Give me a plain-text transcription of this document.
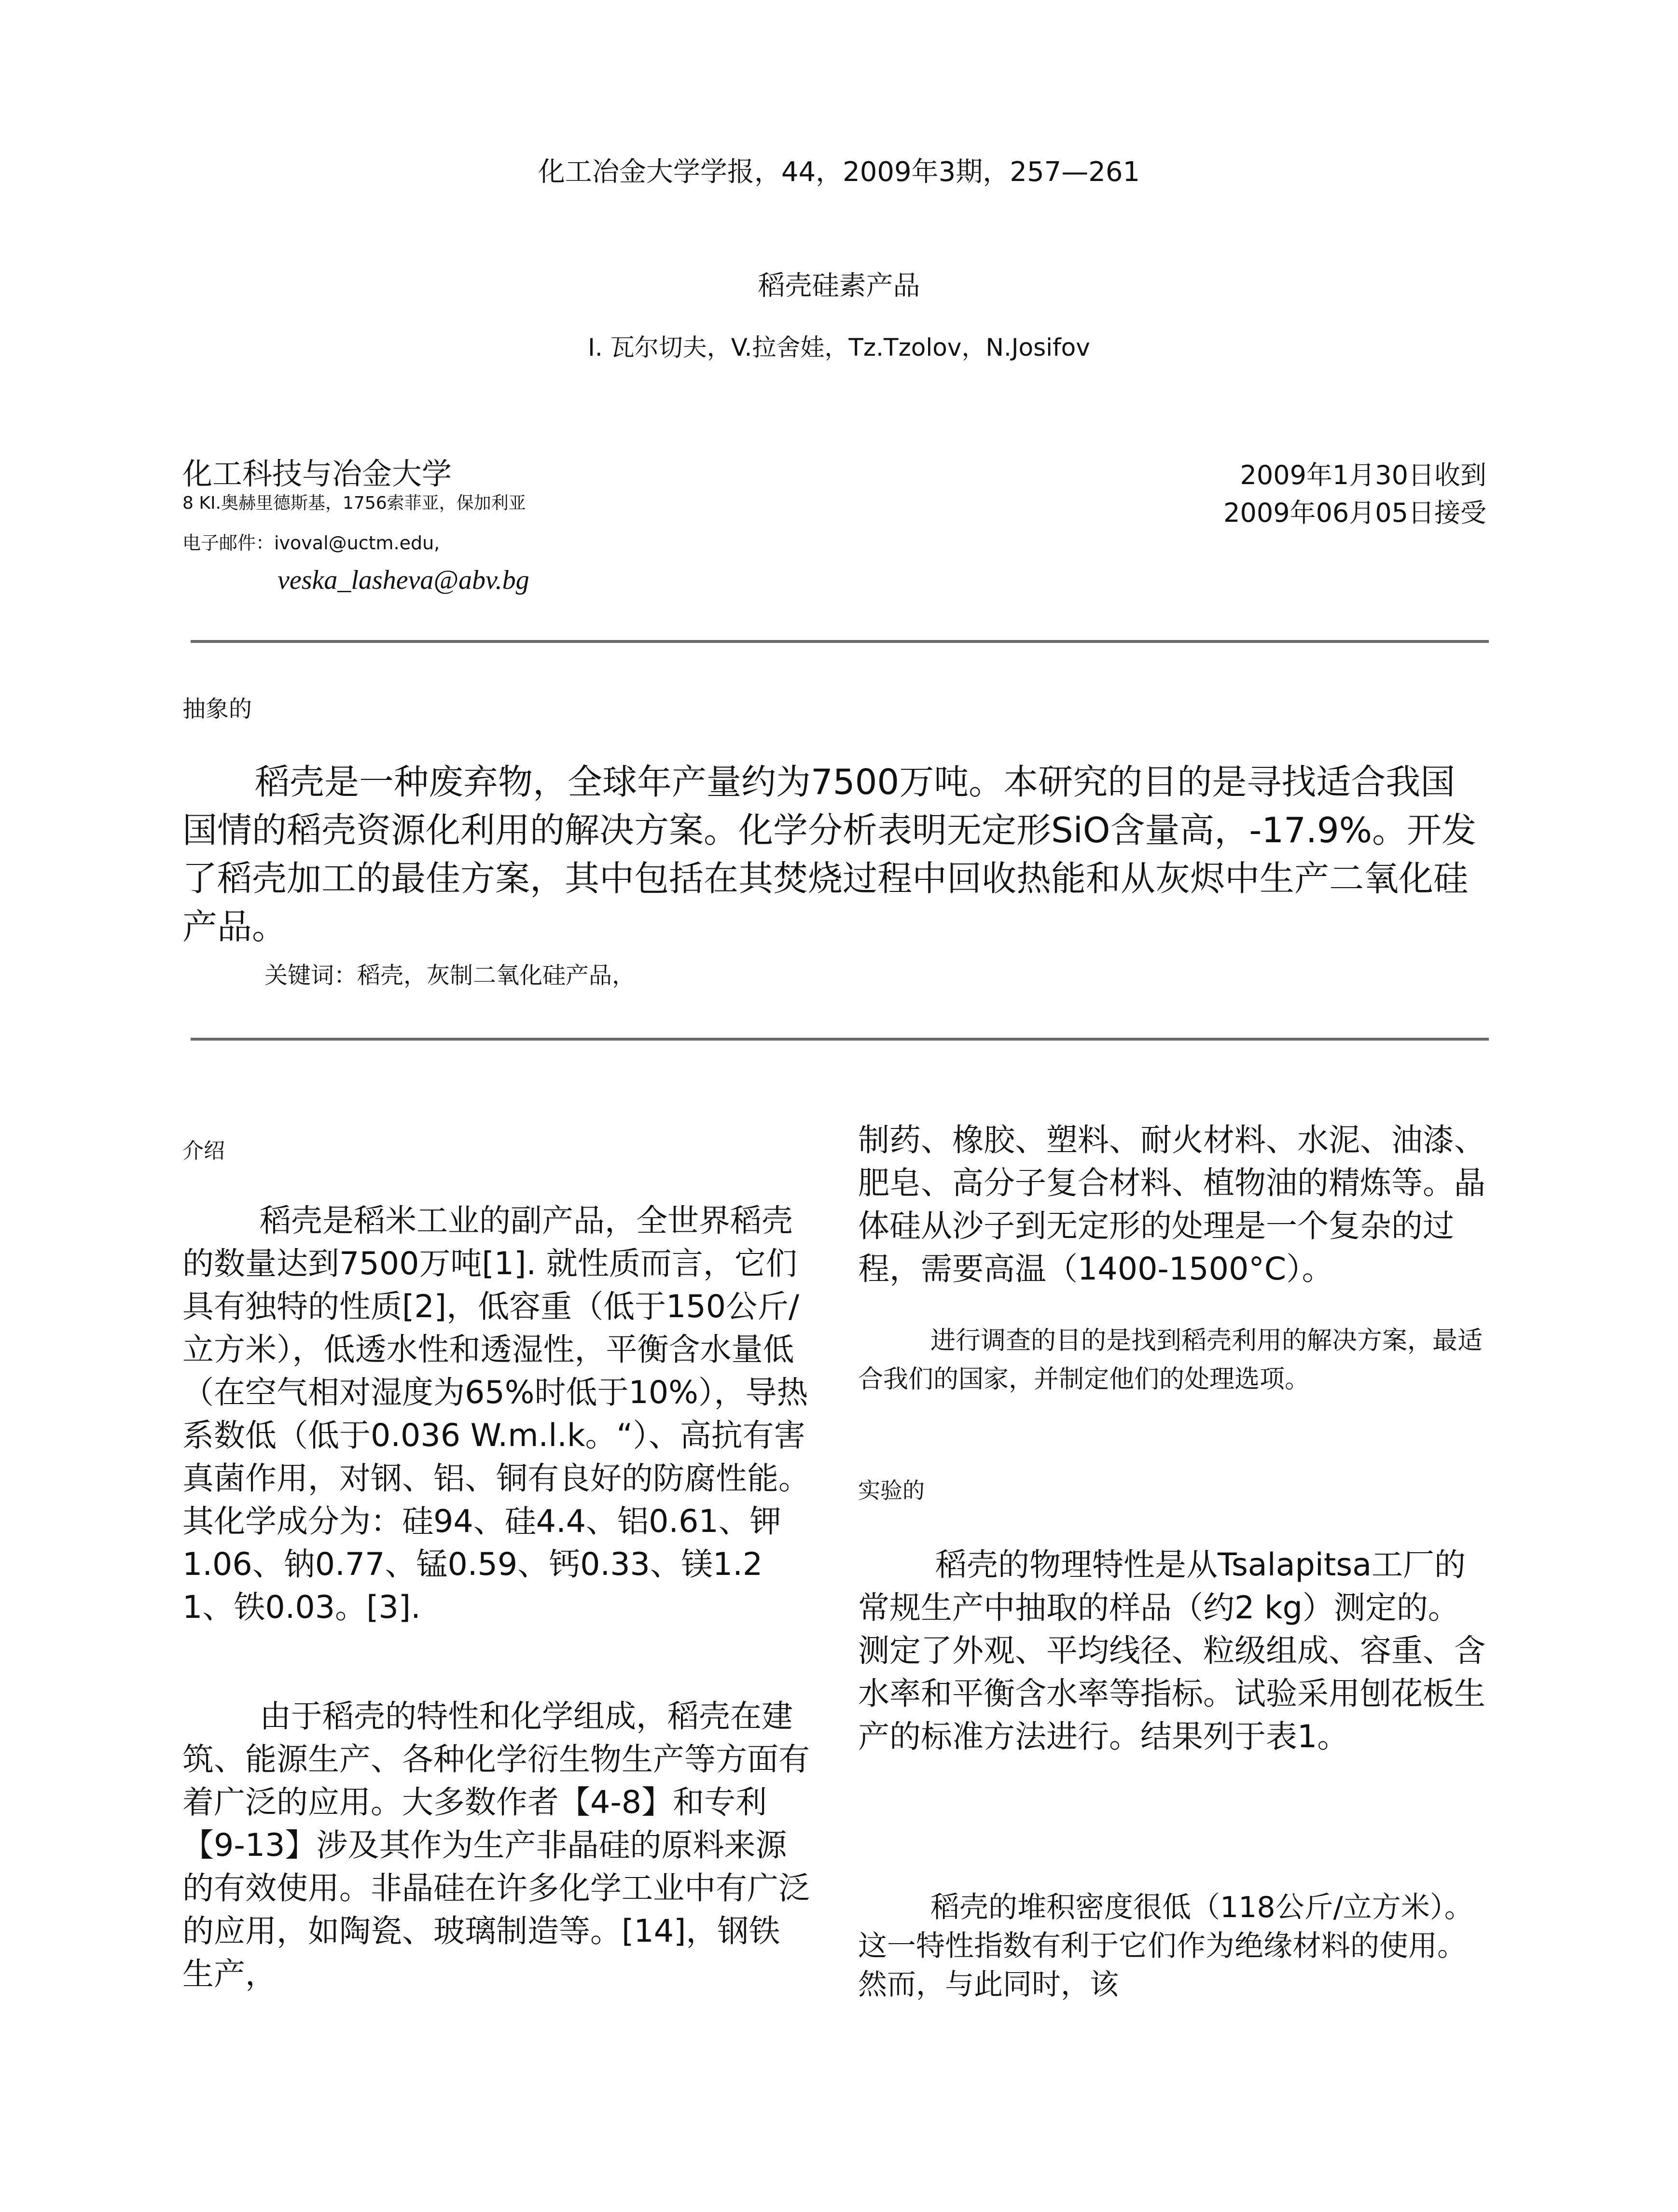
化工冶金大学学报，44，2009年3期，257—261
稻壳硅素产品
I. 瓦尔切夫，V.拉舍娃，Tz.Tzolov，N.Josifov
化工科技与冶金大学
8 KI.奥赫里德斯基，1756索菲亚，保加利亚
电子邮件：ivoval@uctm.edu,
veska_lasheva@abv.bg
2009年1月30日收到
2009年06月05日接受
抽象的
稻壳是一种废弃物，全球年产量约为7500万吨。本研究的目的是寻找适合我国国情的稻壳资源化利用的解决方案。化学分析表明无定形SiO含量高，-17.9%。开发了稻壳加工的最佳方案，其中包括在其焚烧过程中回收热能和从灰烬中生产二氧化硅产品。
关键词：稻壳，灰制二氧化硅产品，
介绍
稻壳是稻米工业的副产品，全世界稻壳的数量达到7500万吨[1]. 就性质而言，它们具有独特的性质[2]，低容重（低于150公斤/立方米），低透水性和透湿性，平衡含水量低（在空气相对湿度为65%时低于10%），导热系数低（低于0.036 W.m.l.k。“）、高抗有害真菌作用，对钢、铝、铜有良好的防腐性能。 其化学成分为：硅94、硅4.4、铝0.61、钾1.06、钠0.77、锰0.59、钙0.33、镁1.21、铁0.03。[3].
由于稻壳的特性和化学组成，稻壳在建筑、能源生产、各种化学衍生物生产等方面有着广泛的应用。大多数作者【4-8】和专利【9-13】涉及其作为生产非晶硅的原料来源的有效使用。非晶硅在许多化学工业中有广泛的应用，如陶瓷、玻璃制造等。[14]，钢铁生产，
制药、橡胶、塑料、耐火材料、水泥、油漆、肥皂、高分子复合材料、植物油的精炼等。晶体硅从沙子到无定形的处理是一个复杂的过程，需要高温（1400-1500°C）。
进行调查的目的是找到稻壳利用的解决方案，最适合我们的国家，并制定他们的处理选项。
实验的
稻壳的物理特性是从Tsalapitsa工厂的常规生产中抽取的样品（约2 kg）测定的。测定了外观、平均线径、粒级组成、容重、含水率和平衡含水率等指标。试验采用刨花板生产的标准方法进行。结果列于表1。
稻壳的堆积密度很低（118公斤/立方米）。这一特性指数有利于它们作为绝缘材料的使用。然而，与此同时，该
